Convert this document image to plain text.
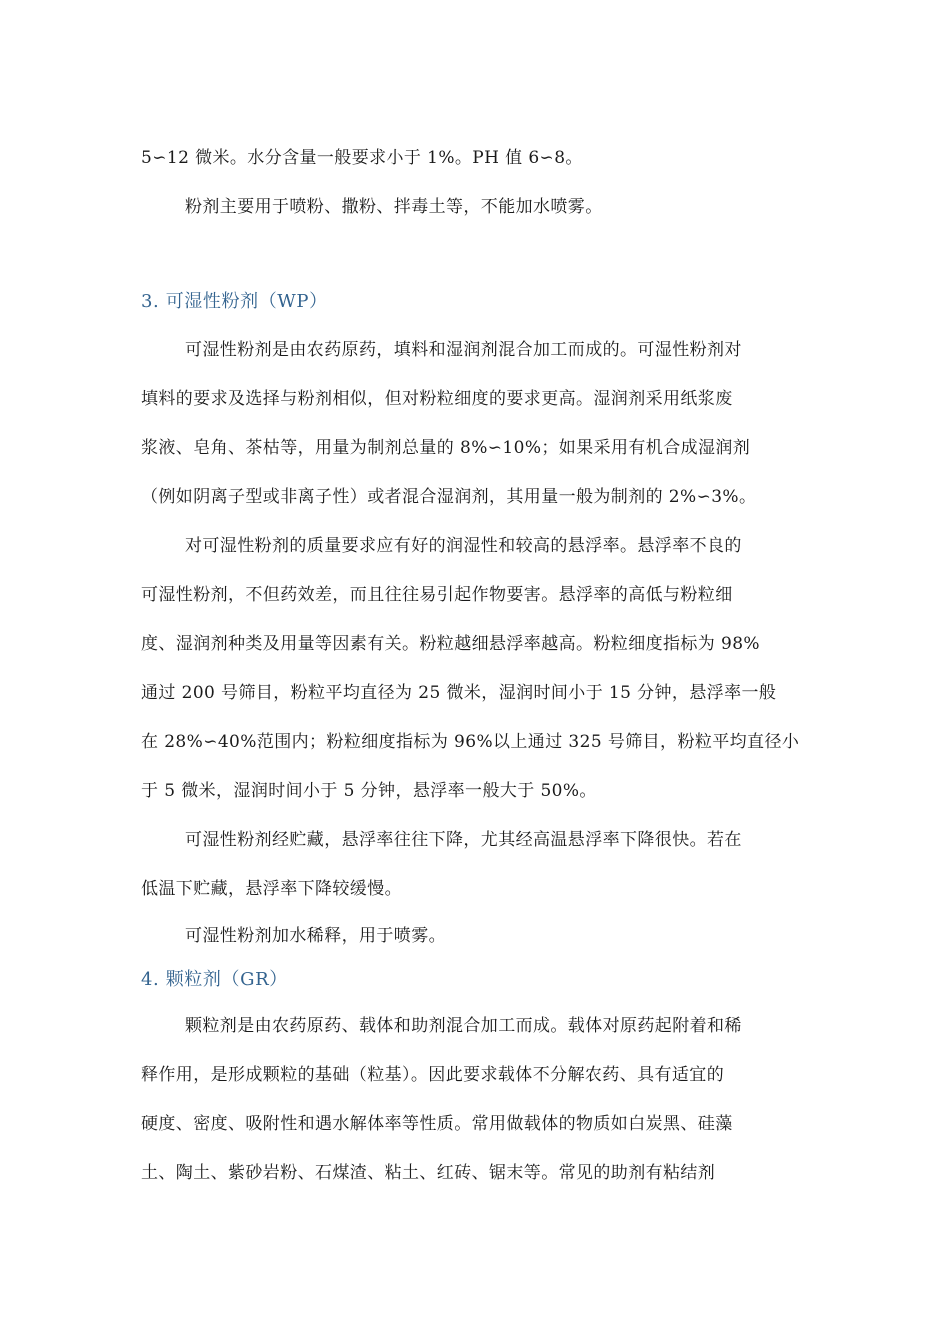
5∽12 微米。水分含量一般要求小于 1%。PH 值 6∽8。
粉剂主要用于喷粉、撒粉、拌毒土等，不能加水喷雾。
3. 可湿性粉剂（WP）
可湿性粉剂是由农药原药，填料和湿润剂混合加工而成的。可湿性粉剂对
填料的要求及选择与粉剂相似，但对粉粒细度的要求更高。湿润剂采用纸浆废
浆液、皂角、茶枯等，用量为制剂总量的 8%∽10%；如果采用有机合成湿润剂
（例如阴离子型或非离子性）或者混合湿润剂，其用量一般为制剂的 2%∽3%。
对可湿性粉剂的质量要求应有好的润湿性和较高的悬浮率。悬浮率不良的
可湿性粉剂，不但药效差，而且往往易引起作物要害。悬浮率的高低与粉粒细
度、湿润剂种类及用量等因素有关。粉粒越细悬浮率越高。粉粒细度指标为 98%
通过 200 号筛目，粉粒平均直径为 25 微米，湿润时间小于 15 分钟，悬浮率一般
在 28%∽40%范围内；粉粒细度指标为 96%以上通过 325 号筛目，粉粒平均直径小
于 5 微米，湿润时间小于 5 分钟，悬浮率一般大于 50%。
可湿性粉剂经贮藏，悬浮率往往下降，尤其经高温悬浮率下降很快。若在
低温下贮藏，悬浮率下降较缓慢。
可湿性粉剂加水稀释，用于喷雾。
4. 颗粒剂（GR）
颗粒剂是由农药原药、载体和助剂混合加工而成。载体对原药起附着和稀
释作用，是形成颗粒的基础（粒基）。因此要求载体不分解农药、具有适宜的
硬度、密度、吸附性和遇水解体率等性质。常用做载体的物质如白炭黑、硅藻
土、陶土、紫砂岩粉、石煤渣、粘土、红砖、锯末等。常见的助剂有粘结剂
